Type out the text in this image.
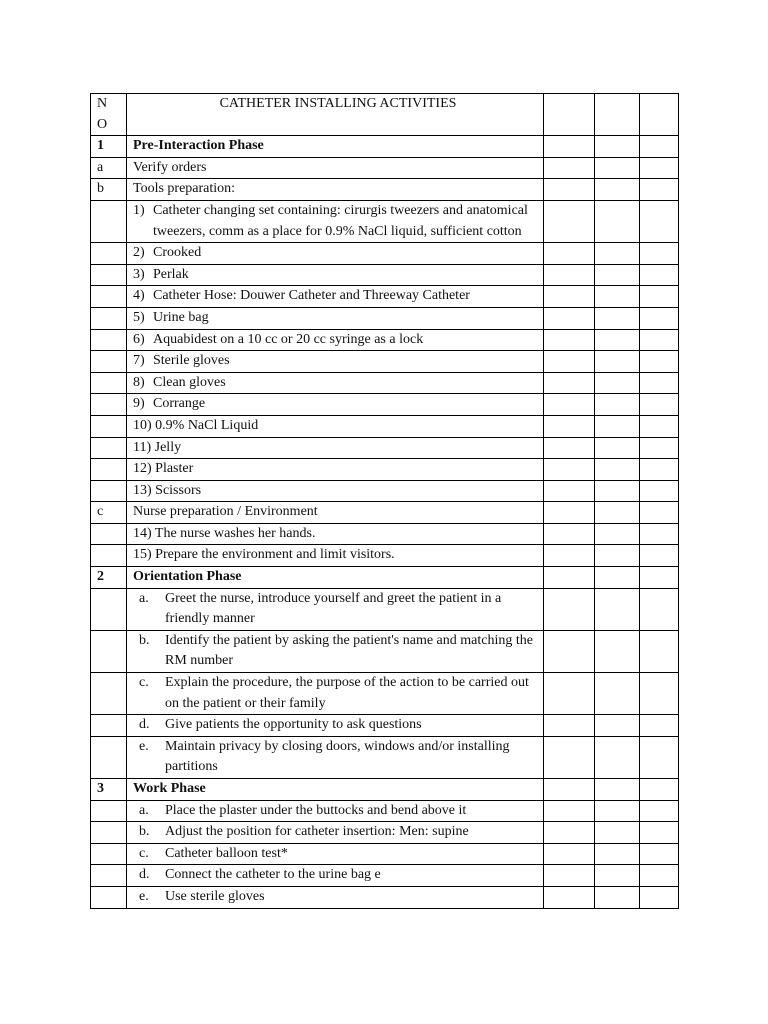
N
O	CATHETER INSTALLING ACTIVITIES			
1	Pre-Interaction Phase			
a	Verify orders			
b	Tools preparation:			

	1) Catheter changing set containing: cirurgis tweezers and anatomical tweezers, comm as a place for 0.9% NaCl liquid, sufficient cotton			

	2) Crooked			

	3) Perlak			

	4) Catheter Hose: Douwer Catheter and Threeway Catheter			

	5) Urine bag			

	6) Aquabidest on a 10 cc or 20 cc syringe as a lock			

	7) Sterile gloves			

	8) Clean gloves			

	9) Corrange			

	10) 0.9% NaCl Liquid			
	11) Jelly			
	12) Plaster			
	13) Scissors			
c	Nurse preparation / Environment			
	14) The nurse washes her hands.			
	15) Prepare the environment and limit visitors.			
2	Orientation Phase			

	a. Greet the nurse, introduce yourself and greet the patient in a friendly manner			

	b. Identify the patient by asking the patient's name and matching the RM number			

	c. Explain the procedure, the purpose of the action to be carried out on the patient or their family			

	d. Give patients the opportunity to ask questions			

	e. Maintain privacy by closing doors, windows and/or installing partitions			

3	Work Phase			

	a. Place the plaster under the buttocks and bend above it			

	b. Adjust the position for catheter insertion: Men: supine			

	c. Catheter balloon test*			

	d. Connect the catheter to the urine bag e			

	e. Use sterile gloves			
